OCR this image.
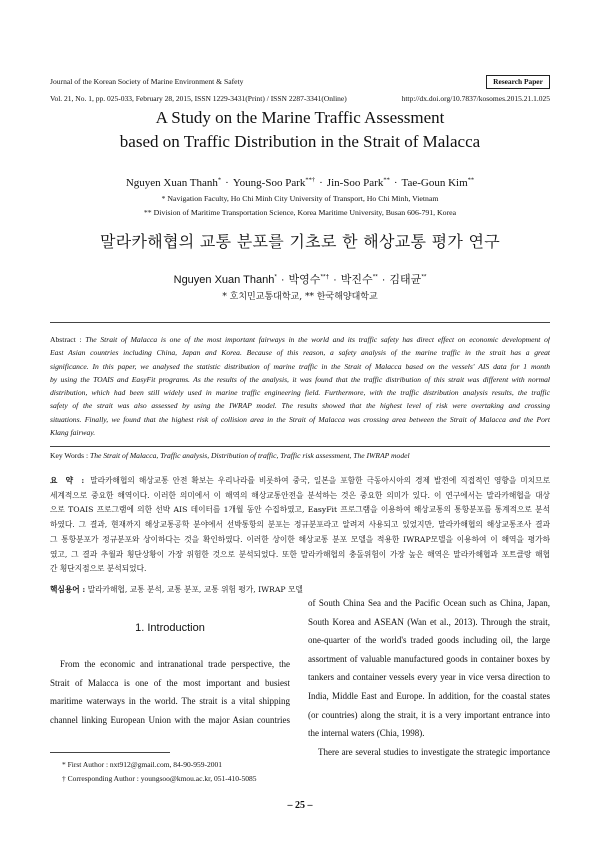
Journal of the Korean Society of Marine Environment & Safety	Research Paper
Vol. 21, No. 1, pp. 025-033, February 28, 2015, ISSN 1229-3431(Print) / ISSN 2287-3341(Online)	http://dx.doi.org/10.7837/kosomes.2015.21.1.025
A Study on the Marine Traffic Assessment
based on Traffic Distribution in the Strait of Malacca
Nguyen Xuan Thanh* · Young-Soo Park**† · Jin-Soo Park** · Tae-Goun Kim**
* Navigation Faculty, Ho Chi Minh City University of Transport, Ho Chi Minh, Vietnam
** Division of Maritime Transportation Science, Korea Maritime University, Busan 606-791, Korea
말라카해협의 교통 분포를 기초로 한 해상교통 평가 연구
Nguyen Xuan Thanh* · 박영수**† · 박진수** · 김태균**
* 호치민교통대학교, ** 한국해양대학교
Abstract : The Strait of Malacca is one of the most important fairways in the world and its traffic safety has direct effect on economic development of
East Asian countries including China, Japan and Korea. Because of this reason, a safety analysis of the marine traffic in the strait has a great
significance. In this paper, we analysed the statistic distribution of marine traffic in the Strait of Malacca based on the vessels' AIS data for 1 month
by using the TOAIS and EasyFit programs. As the results of the analysis, it was found that the traffic distribution of this strait was different with normal
distribution, which had been still widely used in marine traffic engineering field. Furthermore, with the traffic distribution analysis results, the traffic
safety of the strait was also assessed by using the IWRAP model. The results showed that the highest level of risk were overtaking and crossing
situations. Finally, we found that the highest risk of collision area in the Strait of Malacca was crossing area between the Strait of Malacca and the Port
Klang fairway.
Key Words : The Strait of Malacca, Traffic analysis, Distribution of traffic, Traffic risk assessment, The IWRAP model
요 약 : 말라카해협의 해상교통 안전 확보는 우리나라를 비롯하여 중국, 일본을 포함한 극동아시아의 경제 발전에 직접적인 영향을 미치므로
세계적으로 중요한 해역이다. 이러한 의미에서 이 해역의 해상교통안전을 분석하는 것은 중요한 의미가 있다. 이 연구에서는 말라카해협을 대상
으로 TOAIS 프로그램에 의한 선박 AIS 데이터를 1개월 동안 수집하였고, EasyFit 프로그램을 이용하여 해상교통의 통항분포를 통계적으로 분석
하였다. 그 결과, 현재까지 해상교통공학 분야에서 선박통항의 분포는 정규분포라고 알려져 사용되고 있었지만, 말라카해협의 해상교통조사 결과
그 통항분포가 정규분포와 상이하다는 것을 확인하였다. 이러한 상이한 해상교통 분포 모델을 적용한 IWRAP모델을 이용하여 이 해역을 평가하
였고, 그 결과 추월과 횡단상황이 가장 위험한 것으로 분석되었다. 또한 말라카해협의 충돌위험이 가장 높은 해역은 말라카해협과 포트클랑 해협
간 횡단지점으로 분석되었다.
핵심용어 : 말라카해협, 교통 분석, 교통 분포, 교통 위험 평가, IWRAP 모델
1. Introduction
From the economic and intranational trade perspective, the
Strait of Malacca is one of the most important and busiest
maritime waterways in the world. The strait is a vital shipping
channel linking European Union with the major Asian countries
* First Author : nxt912@gmail.com, 84-90-959-2001
† Corresponding Author : youngsoo@kmou.ac.kr, 051-410-5085
of South China Sea and the Pacific Ocean such as China, Japan,
South Korea and ASEAN (Wan et al., 2013). Through the strait,
one-quarter of the world's traded goods including oil, the large
assortment of valuable manufactured goods in container boxes by
tankers and container vessels every year in vice versa direction to
India, Middle East and Europe. In addition, for the coastal states
(or countries) along the strait, it is a very important entrance into
the internal waters (Chia, 1998).
There are several studies to investigate the strategic importance
– 25 –
